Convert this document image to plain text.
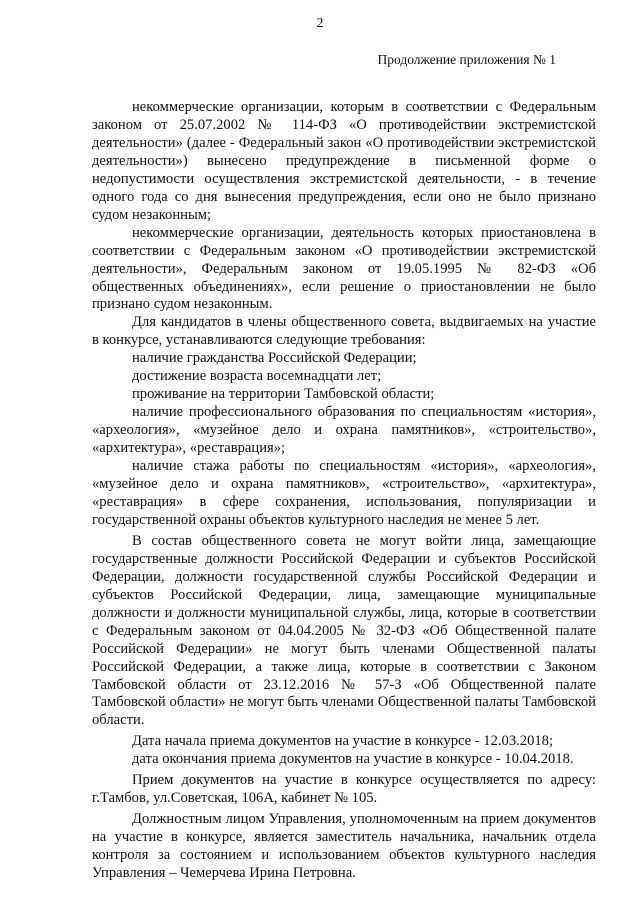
2
Продолжение приложения № 1

некоммерческие организации, которым в соответствии с Федеральным законом от 25.07.2002 № 114-ФЗ «О противодействии экстремистской деятельности» (далее - Федеральный закон «О противодействии экстремистской деятельности») вынесено предупреждение в письменной форме о недопустимости осуществления экстремистской деятельности, - в течение одного года со дня вынесения предупреждения, если оно не было признано судом незаконным;

некоммерческие организации, деятельность которых приостановлена в соответствии с Федеральным законом «О противодействии экстремистской деятельности», Федеральным законом от 19.05.1995 № 82-ФЗ «Об общественных объединениях», если решение о приостановлении не было признано судом незаконным.

Для кандидатов в члены общественного совета, выдвигаемых на участие в конкурсе, устанавливаются следующие требования:

наличие гражданства Российской Федерации;

достижение возраста восемнадцати лет;

проживание на территории Тамбовской области;

наличие профессионального образования по специальностям «история», «археология», «музейное дело и охрана памятников», «строительство», «архитектура», «реставрация»;

наличие стажа работы по специальностям «история», «археология», «музейное дело и охрана памятников», «строительство», «архитектура», «реставрация» в сфере сохранения, использования, популяризации и государственной охраны объектов культурного наследия не менее 5 лет.

В состав общественного совета не могут войти лица, замещающие государственные должности Российской Федерации и субъектов Российской Федерации, должности государственной службы Российской Федерации и субъектов Российской Федерации, лица, замещающие муниципальные должности и должности муниципальной службы, лица, которые в соответствии с Федеральным законом от 04.04.2005 № 32-ФЗ «Об Общественной палате Российской Федерации» не могут быть членами Общественной палаты Российской Федерации, а также лица, которые в соответствии с Законом Тамбовской области от 23.12.2016 № 57-З «Об Общественной палате Тамбовской области» не могут быть членами Общественной палаты Тамбовской области.

Дата начала приема документов на участие в конкурсе - 12.03.2018;

дата окончания приема документов на участие в конкурсе - 10.04.2018.

Прием документов на участие в конкурсе осуществляется по адресу: г.Тамбов, ул.Советская, 106А, кабинет № 105.

Должностным лицом Управления, уполномоченным на прием документов на участие в конкурсе, является заместитель начальника, начальник отдела контроля за состоянием и использованием объектов культурного наследия Управления – Чемерчева Ирина Петровна.
